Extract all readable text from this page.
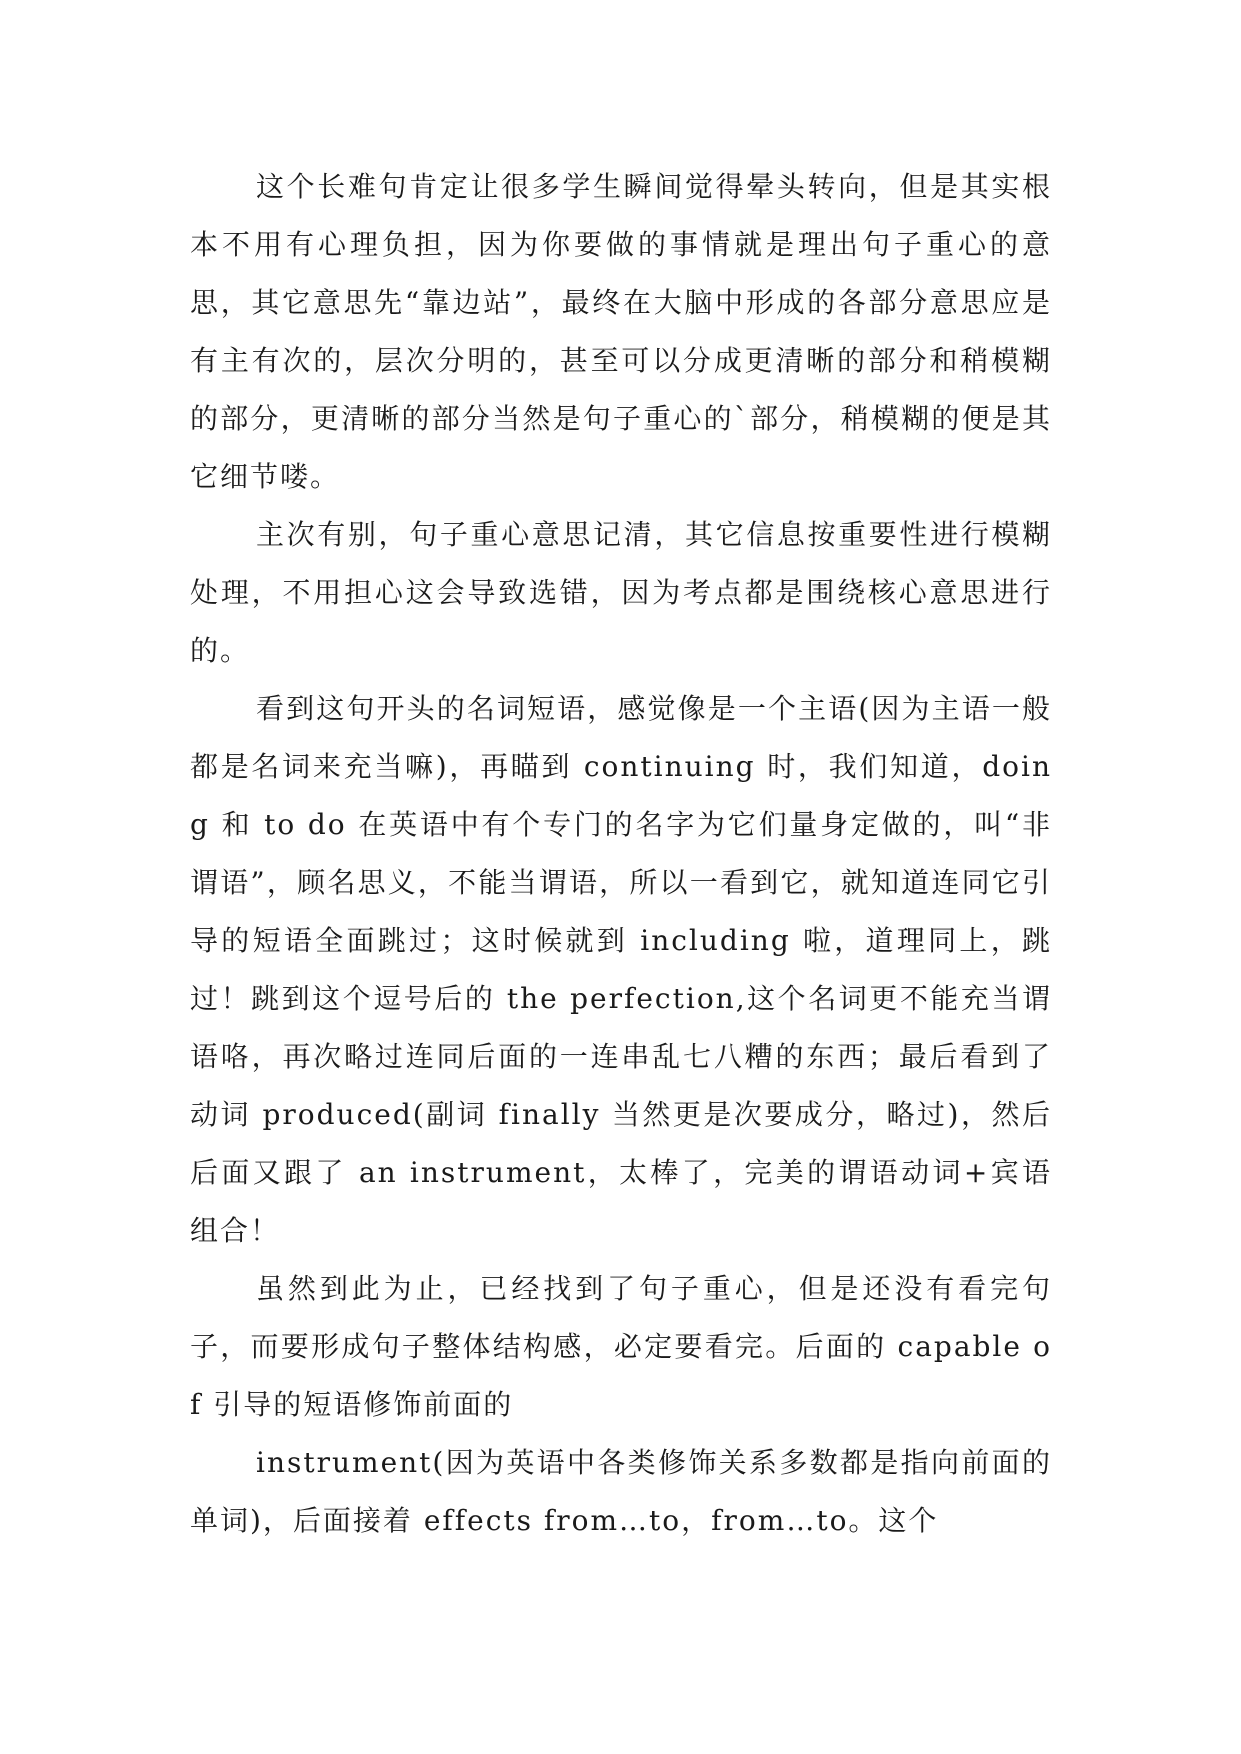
这个长难句肯定让很多学生瞬间觉得晕头转向，但是其实根本不用有心理负担，因为你要做的事情就是理出句子重心的意思，其它意思先“靠边站”，最终在大脑中形成的各部分意思应是有主有次的，层次分明的，甚至可以分成更清晰的部分和稍模糊的部分，更清晰的部分当然是句子重心的`部分，稍模糊的便是其它细节喽。

主次有别，句子重心意思记清，其它信息按重要性进行模糊处理，不用担心这会导致选错，因为考点都是围绕核心意思进行的。

看到这句开头的名词短语，感觉像是一个主语(因为主语一般都是名词来充当嘛)，再瞄到 continuing 时，我们知道，doing 和 to do 在英语中有个专门的名字为它们量身定做的，叫“非谓语”，顾名思义，不能当谓语，所以一看到它，就知道连同它引导的短语全面跳过；这时候就到 including 啦，道理同上，跳过！跳到这个逗号后的 the perfection,这个名词更不能充当谓语咯，再次略过连同后面的一连串乱七八糟的东西；最后看到了动词 produced(副词 finally 当然更是次要成分，略过)，然后后面又跟了 an instrument，太棒了，完美的谓语动词+宾语组合！

虽然到此为止，已经找到了句子重心，但是还没有看完句子，而要形成句子整体结构感，必定要看完。后面的 capable of 引导的短语修饰前面的

instrument(因为英语中各类修饰关系多数都是指向前面的单词)，后面接着 effects from…to，from…to。这个
